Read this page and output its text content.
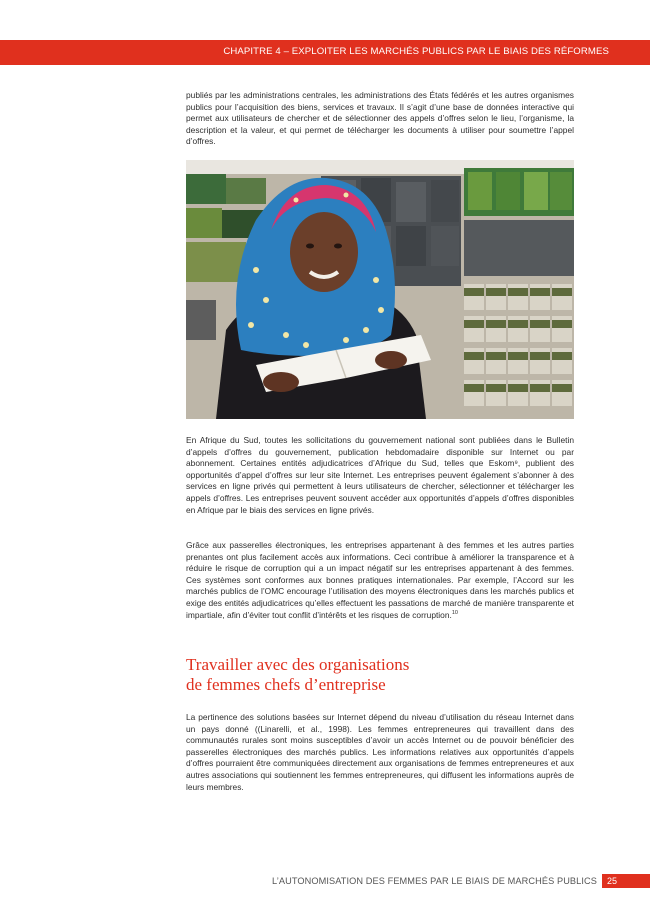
CHAPITRE 4 – EXPLOITER LES MARCHÉS PUBLICS PAR LE BIAIS DES RÉFORMES

publiés par les administrations centrales, les administrations des États fédérés et les autres organismes publics pour l’acquisition des biens, services et travaux. Il s’agit d’une base de données interactive qui permet aux utilisateurs de chercher et de sélectionner des appels d’offres selon le lieu, l’organisme, la description et la valeur, et qui permet de télécharger les documents à utiliser pour soumettre l’appel d’offres.

En Afrique du Sud, toutes les sollicitations du gouvernement national sont publiées dans le Bulletin d’appels d’offres du gouvernement, publication hebdomadaire disponible sur Internet ou par abonnement. Certaines entités adjudicatrices d’Afrique du Sud, telles que Eskom⁹, publient des opportunités d’appel d’offres sur leur site Internet. Les entreprises peuvent également s’abonner à des services en ligne privés qui permettent à leurs utilisateurs de chercher, sélectionner et télécharger les appels d’offres. Les entreprises peuvent souvent accéder aux opportunités d’appels d’offres disponibles en Afrique par le biais des services en ligne privés.

Grâce aux passerelles électroniques, les entreprises appartenant à des femmes et les autres parties prenantes ont plus facilement accès aux informations. Ceci contribue à améliorer la transparence et à réduire le risque de corruption qui a un impact négatif sur les entreprises appartenant à des femmes. Ces systèmes sont conformes aux bonnes pratiques internationales. Par exemple, l’Accord sur les marchés publics de l’OMC encourage l’utilisation des moyens électroniques dans les marchés publics et exige des entités adjudicatrices qu’elles effectuent les passations de marché de manière transparente et impartiale, afin d’éviter tout conflit d’intérêts et les risques de corruption.$^{10}$

Travailler avec des organisations
de femmes chefs d’entreprise

La pertinence des solutions basées sur Internet dépend du niveau d’utilisation du réseau Internet dans un pays donné ((Linarelli, et al., 1998). Les femmes entrepreneures qui travaillent dans des communautés rurales sont moins susceptibles d’avoir un accès Internet ou de pouvoir bénéficier des passerelles électroniques des marchés publics. Les informations relatives aux opportunités d’appels d’offres pourraient être communiquées directement aux organisations de femmes entrepreneures et aux autres associations qui soutiennent les femmes entrepreneures, qui diffusent les informations auprès de leurs membres.

L’AUTONOMISATION DES FEMMES PAR LE BIAIS DE MARCHÉS PUBLICS 25
